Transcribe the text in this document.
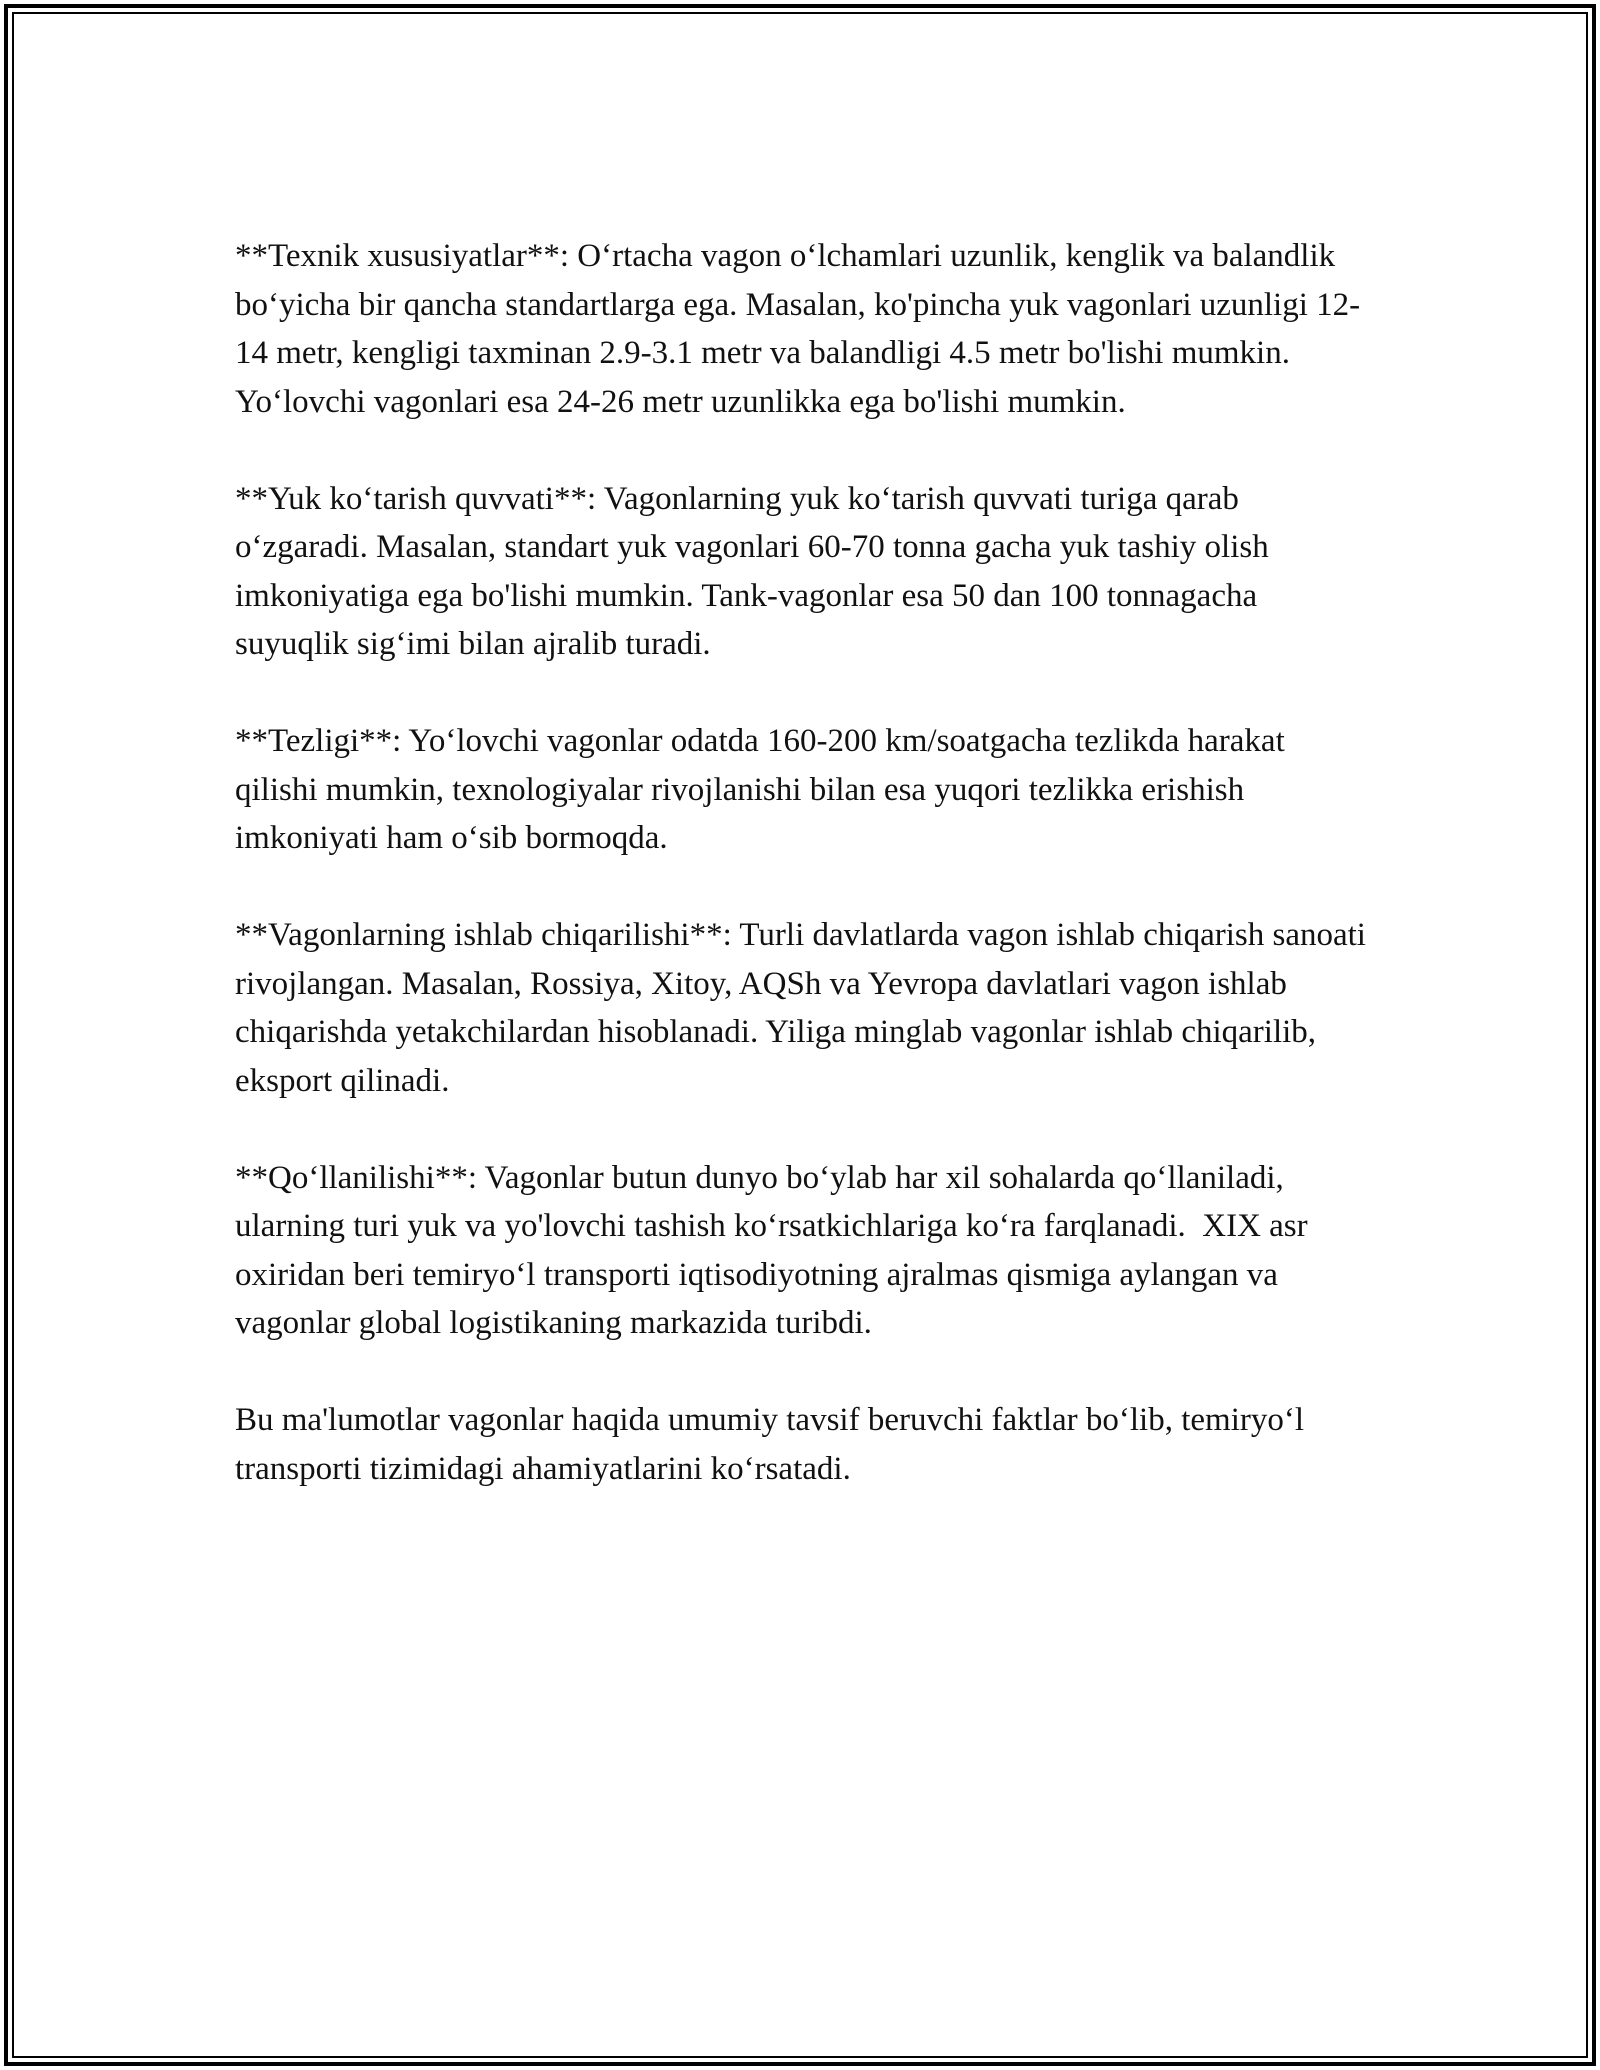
**Texnik xususiyatlar**: O‘rtacha vagon o‘lchamlari uzunlik, kenglik va balandlik bo‘yicha bir qancha standartlarga ega. Masalan, ko'pincha yuk vagonlari uzunligi 12-14 metr, kengligi taxminan 2.9-3.1 metr va balandligi 4.5 metr bo'lishi mumkin. Yo‘lovchi vagonlari esa 24-26 metr uzunlikka ega bo'lishi mumkin.

**Yuk ko‘tarish quvvati**: Vagonlarning yuk ko‘tarish quvvati turiga qarab o‘zgaradi. Masalan, standart yuk vagonlari 60-70 tonna gacha yuk tashiy olish imkoniyatiga ega bo'lishi mumkin. Tank-vagonlar esa 50 dan 100 tonnagacha suyuqlik sig‘imi bilan ajralib turadi.

**Tezligi**: Yo‘lovchi vagonlar odatda 160-200 km/soatgacha tezlikda harakat qilishi mumkin, texnologiyalar rivojlanishi bilan esa yuqori tezlikka erishish imkoniyati ham o‘sib bormoqda.

**Vagonlarning ishlab chiqarilishi**: Turli davlatlarda vagon ishlab chiqarish sanoati rivojlangan. Masalan, Rossiya, Xitoy, AQSh va Yevropa davlatlari vagon ishlab chiqarishda yetakchilardan hisoblanadi. Yiliga minglab vagonlar ishlab chiqarilib, eksport qilinadi.

**Qo‘llanilishi**: Vagonlar butun dunyo bo‘ylab har xil sohalarda qo‘llaniladi, ularning turi yuk va yo'lovchi tashish ko‘rsatkichlariga ko‘ra farqlanadi.  XIX asr oxiridan beri temiryo‘l transporti iqtisodiyotning ajralmas qismiga aylangan va vagonlar global logistikaning markazida turibdi.

Bu ma'lumotlar vagonlar haqida umumiy tavsif beruvchi faktlar bo‘lib, temiryo‘l transporti tizimidagi ahamiyatlarini ko‘rsatadi.
